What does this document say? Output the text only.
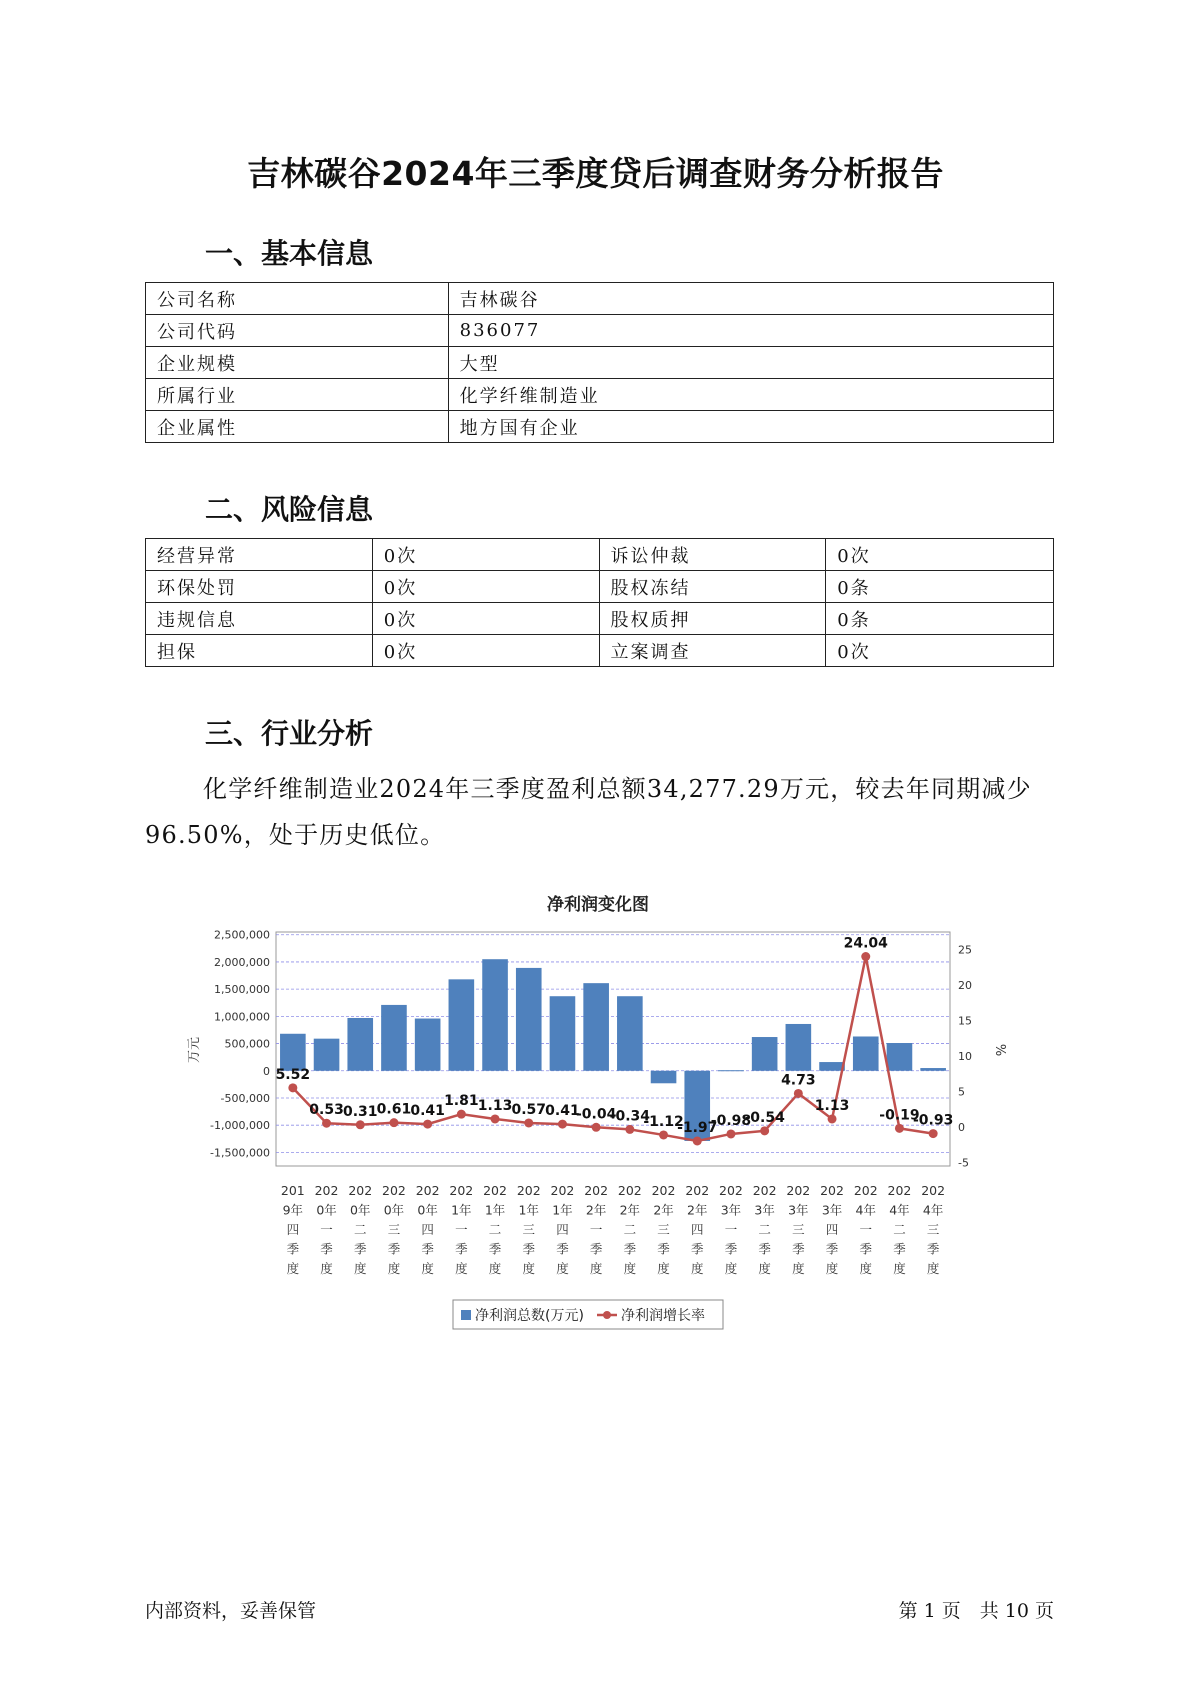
吉林碳谷2024年三季度贷后调查财务分析报告
一、基本信息
公司名称	吉林碳谷
公司代码	836077
企业规模	大型
所属行业	化学纤维制造业
企业属性	地方国有企业
二、风险信息
经营异常	0次	诉讼仲裁	0次
环保处罚	0次	股权冻结	0条
违规信息	0次	股权质押	0条
担保	0次	立案调查	0次
三、行业分析
化学纤维制造业2024年三季度盈利总额34,277.29万元，较去年同期减少96.50%，处于历史低位。
净利润变化图
2,500,000
2,000,000
1,500,000
1,000,000
500,000
0
-500,000
-1,000,000
-1,500,000
25
20
15
10
5
0
-5
万元	%
5.52
0.53 0.31 0.61 0.41
1.81 1.13 0.57 0.41
-0.04
-0.34
-1.12
-1.97
-0.98
-0.54
4.73
1.13
24.04
-0.19
-0.93
201 9年四季度
202 0年一季度
202 0年二季度
202 0年三季度
202 0年四季度
202 1年一季度
202 1年二季度
202 1年三季度
202 1年四季度
202 2年一季度
202 2年二季度
202 2年三季度
202 2年四季度
202 3年一季度
202 3年二季度
202 3年三季度
202 3年四季度
202 4年一季度
202 4年二季度
202 4年三季度
净利润总数(万元)	净利润增长率
内部资料，妥善保管	第 1 页　共 10 页
